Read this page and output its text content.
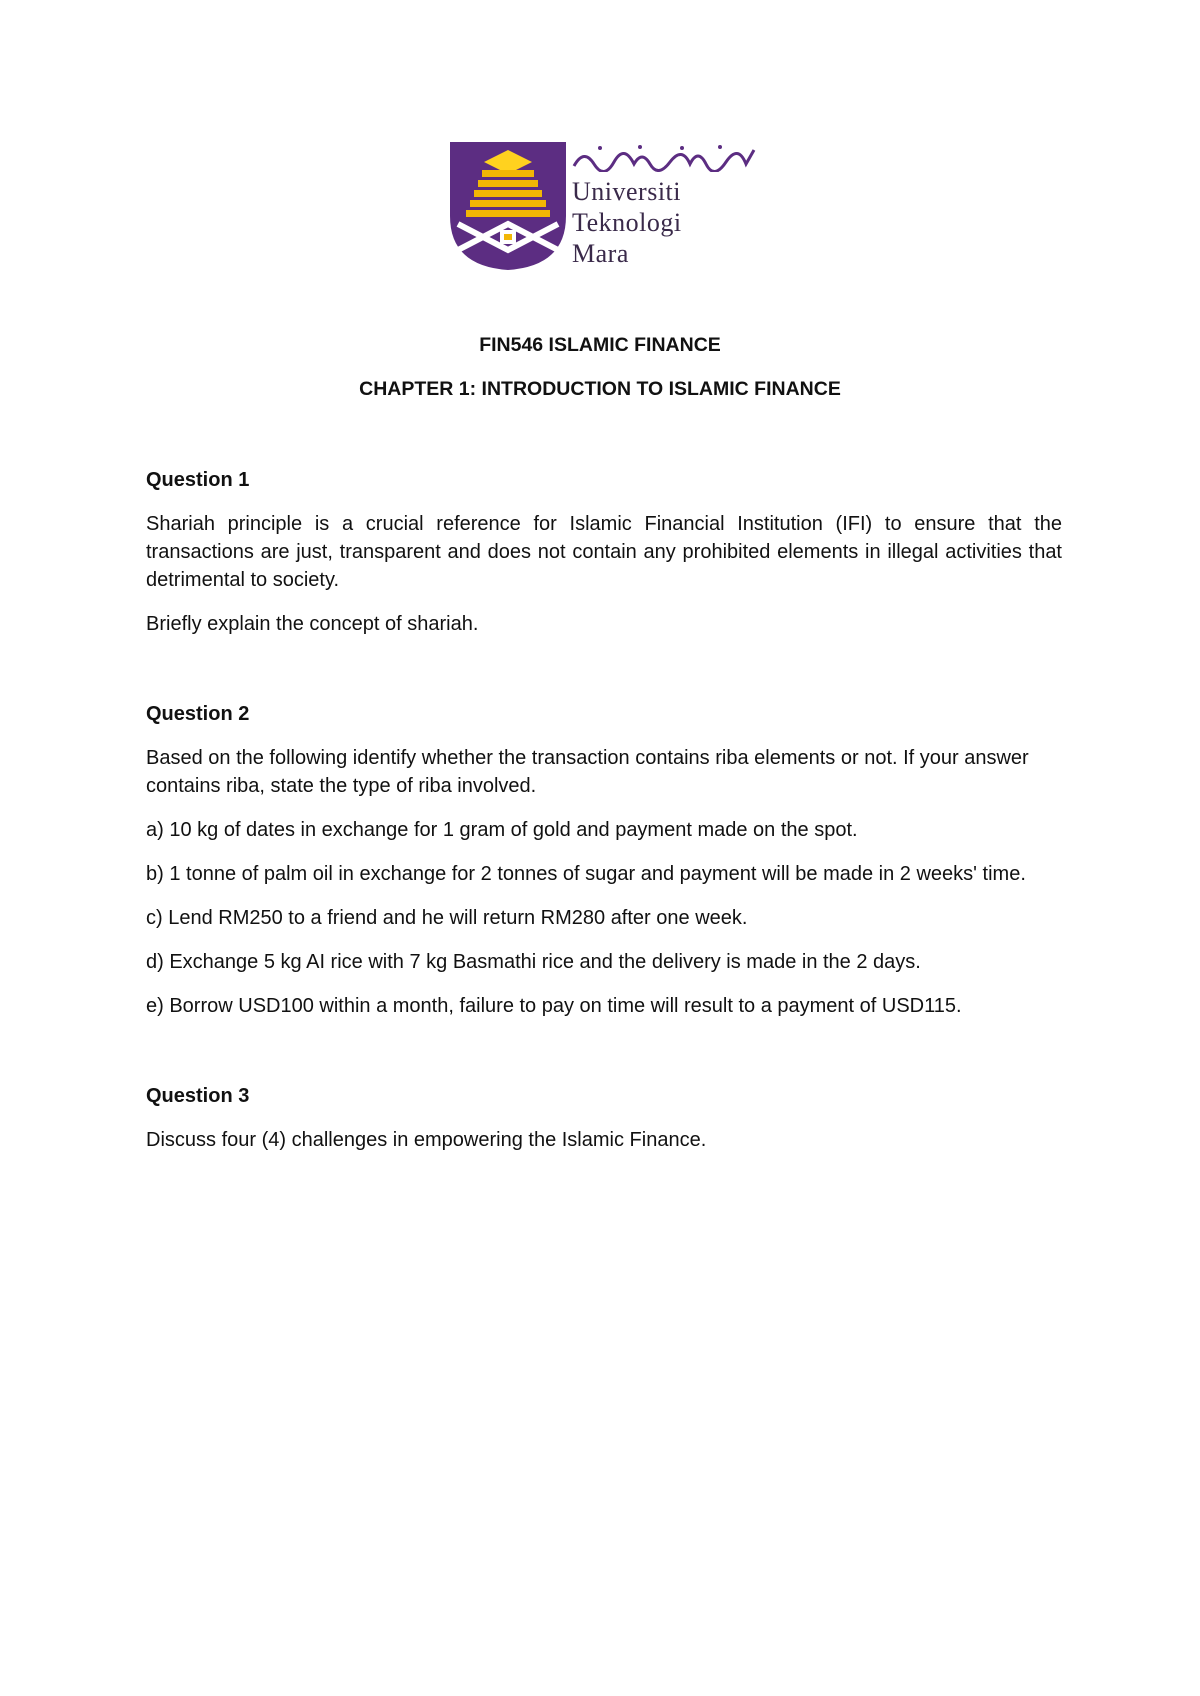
Universiti
Teknologi
Mara
FIN546 ISLAMIC FINANCE
CHAPTER 1: INTRODUCTION TO ISLAMIC FINANCE
Question 1
Shariah principle is a crucial reference for Islamic Financial Institution (IFI) to ensure that the transactions are just, transparent and does not contain any prohibited elements in illegal activities that detrimental to society.
Briefly explain the concept of shariah.
Question 2
Based on the following identify whether the transaction contains riba elements or not. If your answer contains riba, state the type of riba involved.
a) 10 kg of dates in exchange for 1 gram of gold and payment made on the spot.
b) 1 tonne of palm oil in exchange for 2 tonnes of sugar and payment will be made in 2 weeks' time.
c) Lend RM250 to a friend and he will return RM280 after one week.
d) Exchange 5 kg AI rice with 7 kg Basmathi rice and the delivery is made in the 2 days.
e) Borrow USD100 within a month, failure to pay on time will result to a payment of USD115.
Question 3
Discuss four (4) challenges in empowering the Islamic Finance.
